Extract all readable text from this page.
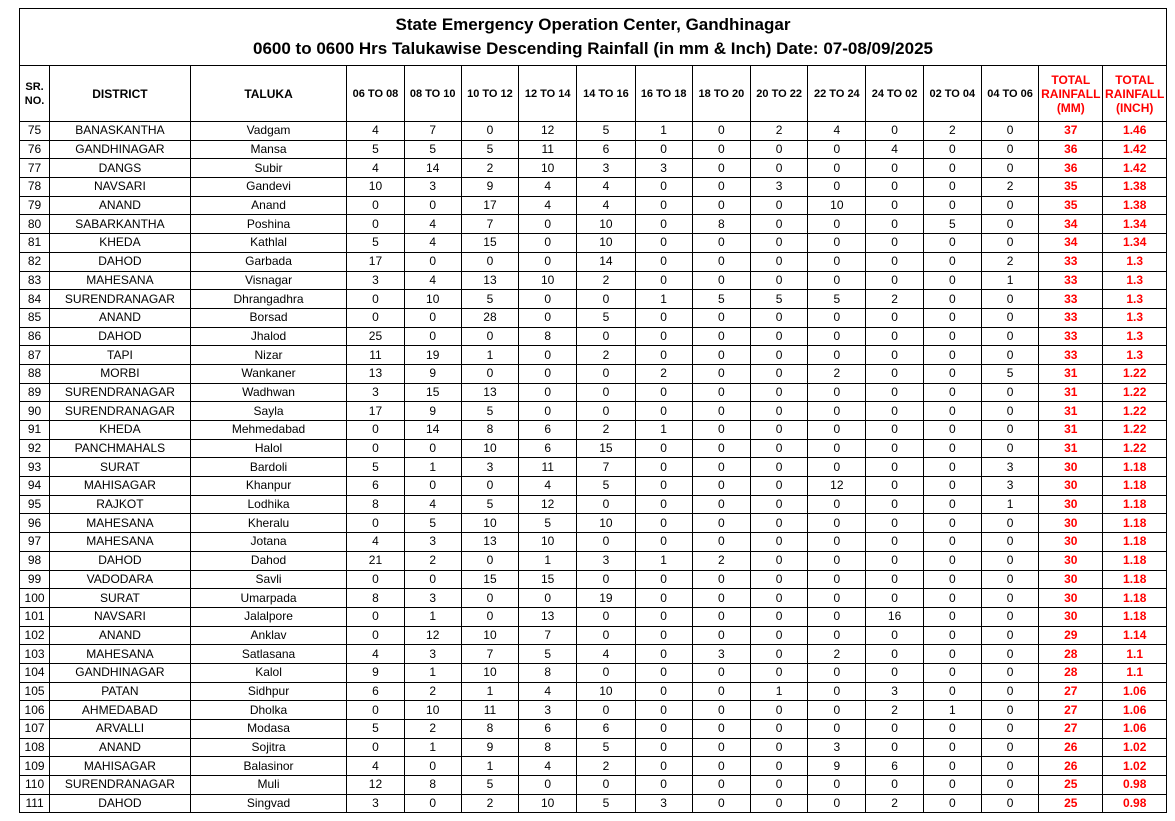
State Emergency Operation Center, Gandhinagar
0600 to 0600 Hrs Talukawise Descending Rainfall (in mm & Inch) Date: 07-08/09/2025																

SR. NO.	DISTRICT	TALUKA	06 TO 08	08 TO 10	10 TO 12	12 TO 14	14 TO 16	16 TO 18	18 TO 20	20 TO 22	22 TO 24	24 TO 02	02 TO 04	04 TO 06	TOTAL RAINFALL (MM)	TOTAL RAINFALL (INCH)
75	BANASKANTHA	Vadgam	4	7	0	12	5	1	0	2	4	0	2	0	37	1.46
76	GANDHINAGAR	Mansa	5	5	5	11	6	0	0	0	0	4	0	0	36	1.42
77	DANGS	Subir	4	14	2	10	3	3	0	0	0	0	0	0	36	1.42
78	NAVSARI	Gandevi	10	3	9	4	4	0	0	3	0	0	0	2	35	1.38
79	ANAND	Anand	0	0	17	4	4	0	0	0	10	0	0	0	35	1.38
80	SABARKANTHA	Poshina	0	4	7	0	10	0	8	0	0	0	5	0	34	1.34
81	KHEDA	Kathlal	5	4	15	0	10	0	0	0	0	0	0	0	34	1.34
82	DAHOD	Garbada	17	0	0	0	14	0	0	0	0	0	0	2	33	1.3
83	MAHESANA	Visnagar	3	4	13	10	2	0	0	0	0	0	0	1	33	1.3
84	SURENDRANAGAR	Dhrangadhra	0	10	5	0	0	1	5	5	5	2	0	0	33	1.3
85	ANAND	Borsad	0	0	28	0	5	0	0	0	0	0	0	0	33	1.3
86	DAHOD	Jhalod	25	0	0	8	0	0	0	0	0	0	0	0	33	1.3
87	TAPI	Nizar	11	19	1	0	2	0	0	0	0	0	0	0	33	1.3
88	MORBI	Wankaner	13	9	0	0	0	2	0	0	2	0	0	5	31	1.22
89	SURENDRANAGAR	Wadhwan	3	15	13	0	0	0	0	0	0	0	0	0	31	1.22
90	SURENDRANAGAR	Sayla	17	9	5	0	0	0	0	0	0	0	0	0	31	1.22
91	KHEDA	Mehmedabad	0	14	8	6	2	1	0	0	0	0	0	0	31	1.22
92	PANCHMAHALS	Halol	0	0	10	6	15	0	0	0	0	0	0	0	31	1.22
93	SURAT	Bardoli	5	1	3	11	7	0	0	0	0	0	0	3	30	1.18
94	MAHISAGAR	Khanpur	6	0	0	4	5	0	0	0	12	0	0	3	30	1.18
95	RAJKOT	Lodhika	8	4	5	12	0	0	0	0	0	0	0	1	30	1.18
96	MAHESANA	Kheralu	0	5	10	5	10	0	0	0	0	0	0	0	30	1.18
97	MAHESANA	Jotana	4	3	13	10	0	0	0	0	0	0	0	0	30	1.18
98	DAHOD	Dahod	21	2	0	1	3	1	2	0	0	0	0	0	30	1.18
99	VADODARA	Savli	0	0	15	15	0	0	0	0	0	0	0	0	30	1.18
100	SURAT	Umarpada	8	3	0	0	19	0	0	0	0	0	0	0	30	1.18
101	NAVSARI	Jalalpore	0	1	0	13	0	0	0	0	0	16	0	0	30	1.18
102	ANAND	Anklav	0	12	10	7	0	0	0	0	0	0	0	0	29	1.14
103	MAHESANA	Satlasana	4	3	7	5	4	0	3	0	2	0	0	0	28	1.1
104	GANDHINAGAR	Kalol	9	1	10	8	0	0	0	0	0	0	0	0	28	1.1
105	PATAN	Sidhpur	6	2	1	4	10	0	0	1	0	3	0	0	27	1.06
106	AHMEDABAD	Dholka	0	10	11	3	0	0	0	0	0	2	1	0	27	1.06
107	ARVALLI	Modasa	5	2	8	6	6	0	0	0	0	0	0	0	27	1.06
108	ANAND	Sojitra	0	1	9	8	5	0	0	0	3	0	0	0	26	1.02
109	MAHISAGAR	Balasinor	4	0	1	4	2	0	0	0	9	6	0	0	26	1.02
110	SURENDRANAGAR	Muli	12	8	5	0	0	0	0	0	0	0	0	0	25	0.98
111	DAHOD	Singvad	3	0	2	10	5	3	0	0	0	2	0	0	25	0.98
